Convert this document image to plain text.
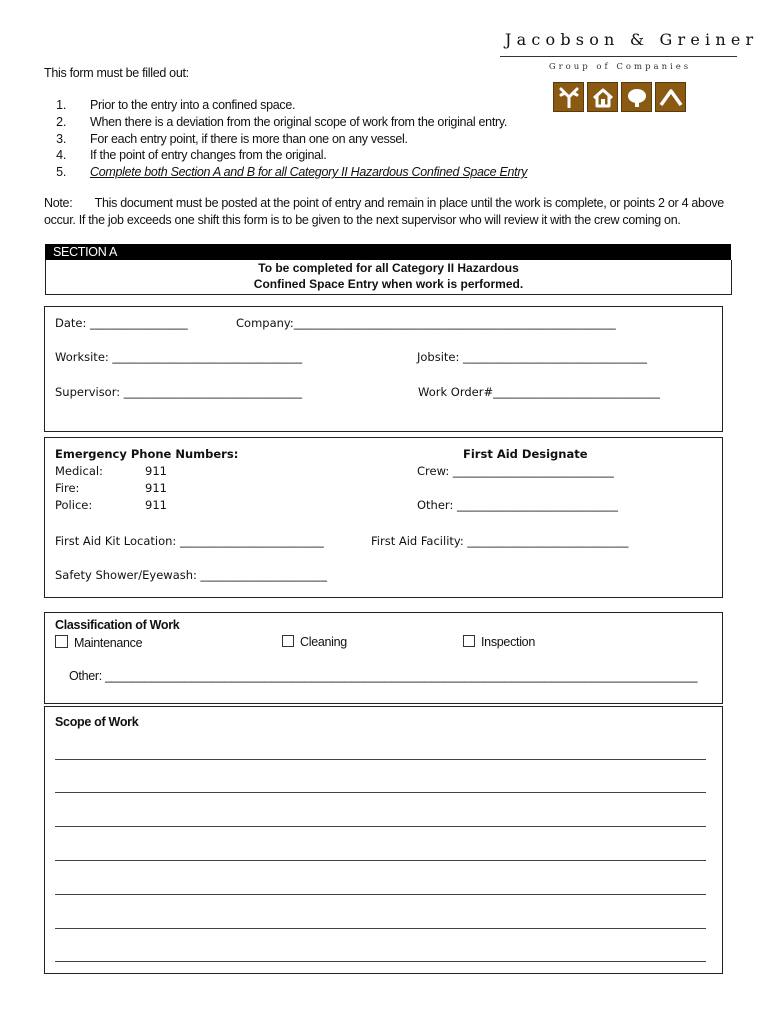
Jacobson & Greiner
Group of Companies
This form must be filled out:
1. Prior to the entry into a confined space.
2. When there is a deviation from the original scope of work from the original entry.
3. For each entry point, if there is more than one on any vessel.
4. If the point of entry changes from the original.
5. Complete both Section A and B for all Category II Hazardous Confined Space Entry
Note: This document must be posted at the point of entry and remain in place until the work is complete, or points 2 or 4 above occur. If the job exceeds one shift this form is to be given to the next supervisor who will review it with the crew coming on.
SECTION A
To be completed for all Category II Hazardous
Confined Space Entry when work is performed.
Date: _________________	Company:________________________________________________________
Worksite: _________________________________	Jobsite: ________________________________
Supervisor: _______________________________	Work Order#_____________________________
Emergency Phone Numbers:
Medical:	911
Fire:	911
Police:	911
First Aid Designate
Crew: ____________________________
Other: ____________________________
First Aid Kit Location: _________________________	First Aid Facility: ____________________________
Safety Shower/Eyewash: ______________________
Classification of Work
Maintenance	Cleaning	Inspection
Other: _________________________________________________________________________________________
Scope of Work
